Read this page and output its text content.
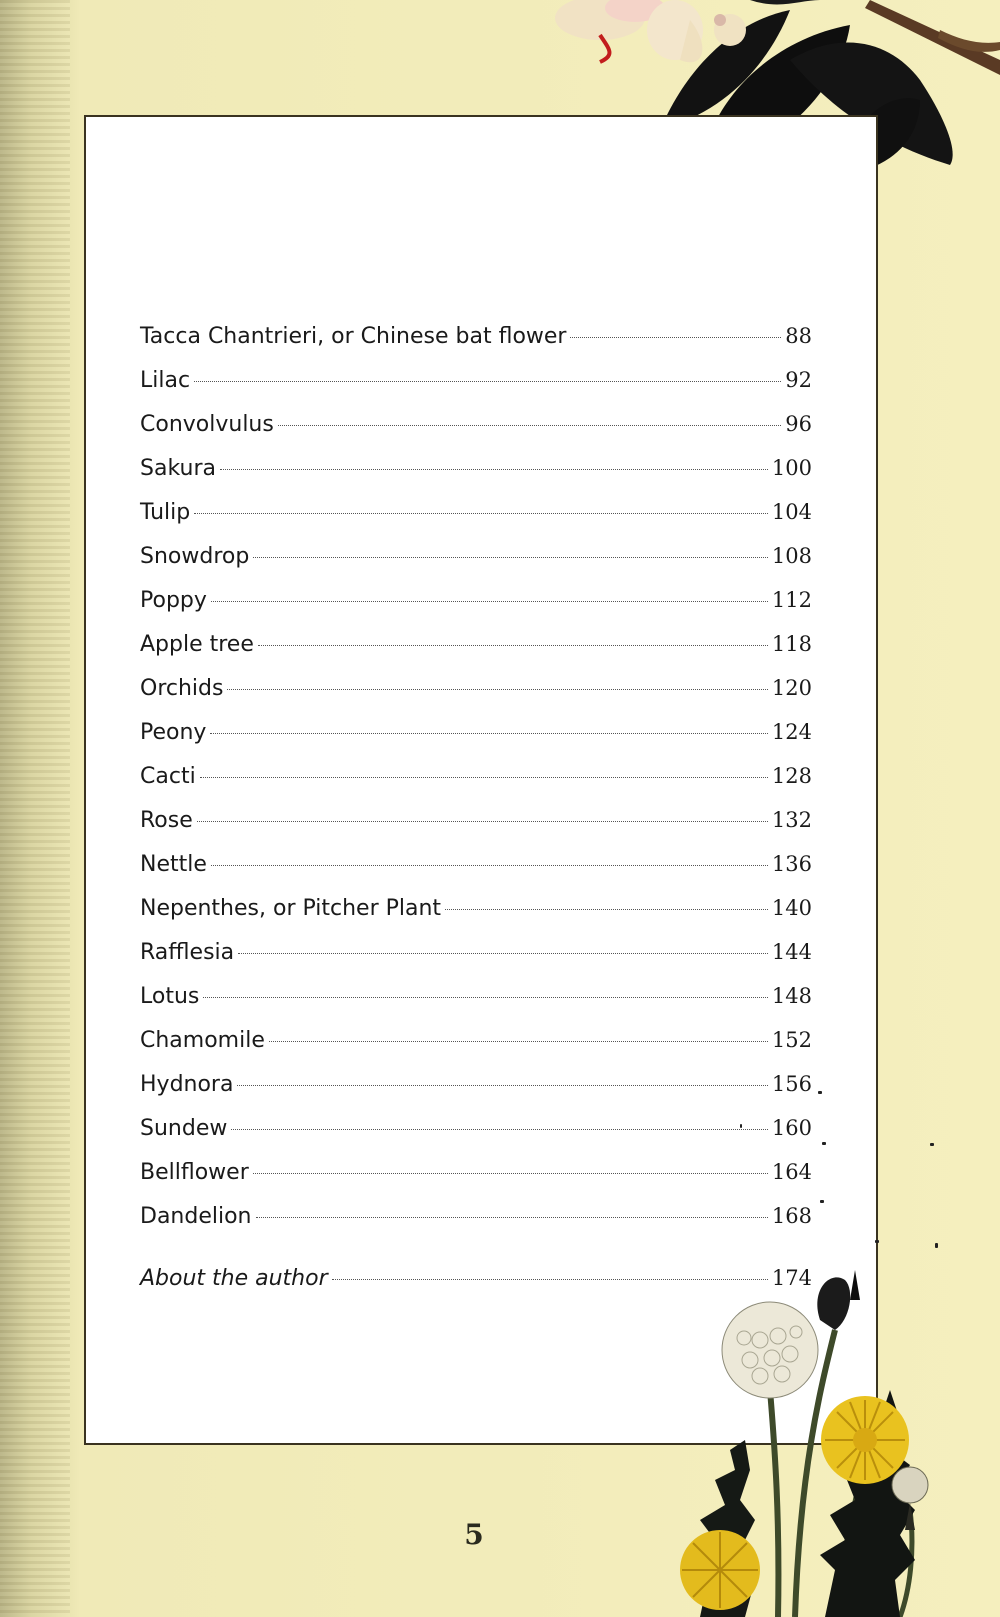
Tacca Chantrieri, or Chinese bat flower	88
Lilac	92
Convolvulus	96
Sakura	100
Tulip	104
Snowdrop	108
Poppy	112
Apple tree	118
Orchids	120
Peony	124
Cacti	128
Rose	132
Nettle	136
Nepenthes, or Pitcher Plant	140
Rafflesia	144
Lotus	148
Chamomile	152
Hydnora	156
Sundew	160
Bellflower	164
Dandelion	168
About the author	174
5
